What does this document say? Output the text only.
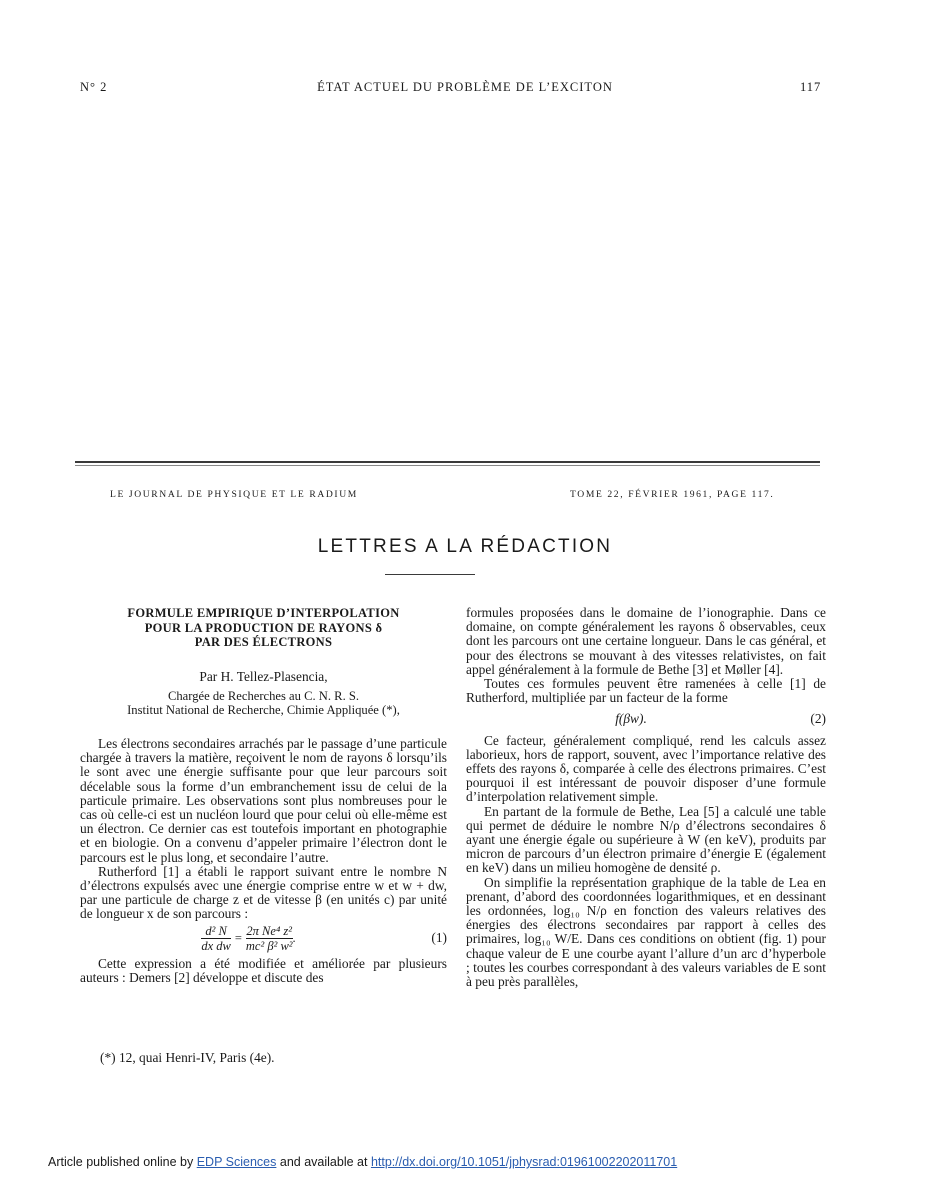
N° 2	ÉTAT ACTUEL DU PROBLÈME DE L’EXCITON	117
LE JOURNAL DE PHYSIQUE ET LE RADIUM	TOME 22, FÉVRIER 1961, PAGE 117.
LETTRES A LA RÉDACTION
FORMULE EMPIRIQUE D’INTERPOLATION
POUR LA PRODUCTION DE RAYONS δ
PAR DES ÉLECTRONS
Par H. Tellez-Plasencia,
Chargée de Recherches au C. N. R. S.
Institut National de Recherche, Chimie Appliquée (*),

Les électrons secondaires arrachés par le passage d’une particule chargée à travers la matière, reçoivent le nom de rayons δ lorsqu’ils le sont avec une énergie suffisante pour que leur parcours soit décelable sous la forme d’un embranchement issu de celui de la particule primaire. Les observations sont plus nombreuses pour le cas où celle-ci est un nucléon lourd que pour celui où elle-même est un électron. Ce dernier cas est toutefois important en photographie et en biologie. On a convenu d’appeler primaire l’électron dont le parcours est le plus long, et secondaire l’autre.

Rutherford [1] a établi le rapport suivant entre le nombre N d’électrons expulsés avec une énergie comprise entre w et w + dw, par une particule de charge z et de vitesse β (en unités c) par unité de longueur x de son parcours :

$\frac{\text{d² N}}{\text{dx dw}} = \frac{\text{2π Ne⁴ z²}}{\text{mc² β² w²}}$ .	(1)

Cette expression a été modifiée et améliorée par plusieurs auteurs : Demers [2] développe et discute des

(*) 12, quai Henri-IV, Paris (4e).

formules proposées dans le domaine de l’ionographie. Dans ce domaine, on compte généralement les rayons δ observables, ceux dont les parcours ont une certaine longueur. Dans le cas général, et pour des électrons se mouvant à des vitesses relativistes, on fait appel généralement à la formule de Bethe [3] et Møller [4].

Toutes ces formules peuvent être ramenées à celle [1] de Rutherford, multipliée par un facteur de la forme

f(βw).	(2)

Ce facteur, généralement compliqué, rend les calculs assez laborieux, hors de rapport, souvent, avec l’importance relative des effets des rayons δ, comparée à celle des électrons primaires. C’est pourquoi il est intéressant de pouvoir disposer d’une formule d’interpolation relativement simple.

En partant de la formule de Bethe, Lea [5] a calculé une table qui permet de déduire le nombre N/ρ d’électrons secondaires δ ayant une énergie égale ou supérieure à W (en keV), produits par micron de parcours d’un électron primaire d’énergie E (également en keV) dans un milieu homogène de densité ρ.

On simplifie la représentation graphique de la table de Lea en prenant, d’abord des coordonnées logarithmiques, et en dessinant les ordonnées, log₁₀ N/ρ en fonction des valeurs relatives des énergies des électrons secondaires par rapport à celles des primaires, log₁₀ W/E. Dans ces conditions on obtient (fig. 1) pour chaque valeur de E une courbe ayant l’allure d’un arc d’hyperbole ; toutes les courbes correspondant à des valeurs variables de E sont à peu près parallèles,

Article published online by EDP Sciences and available at http://dx.doi.org/10.1051/jphysrad:01961002202011701
